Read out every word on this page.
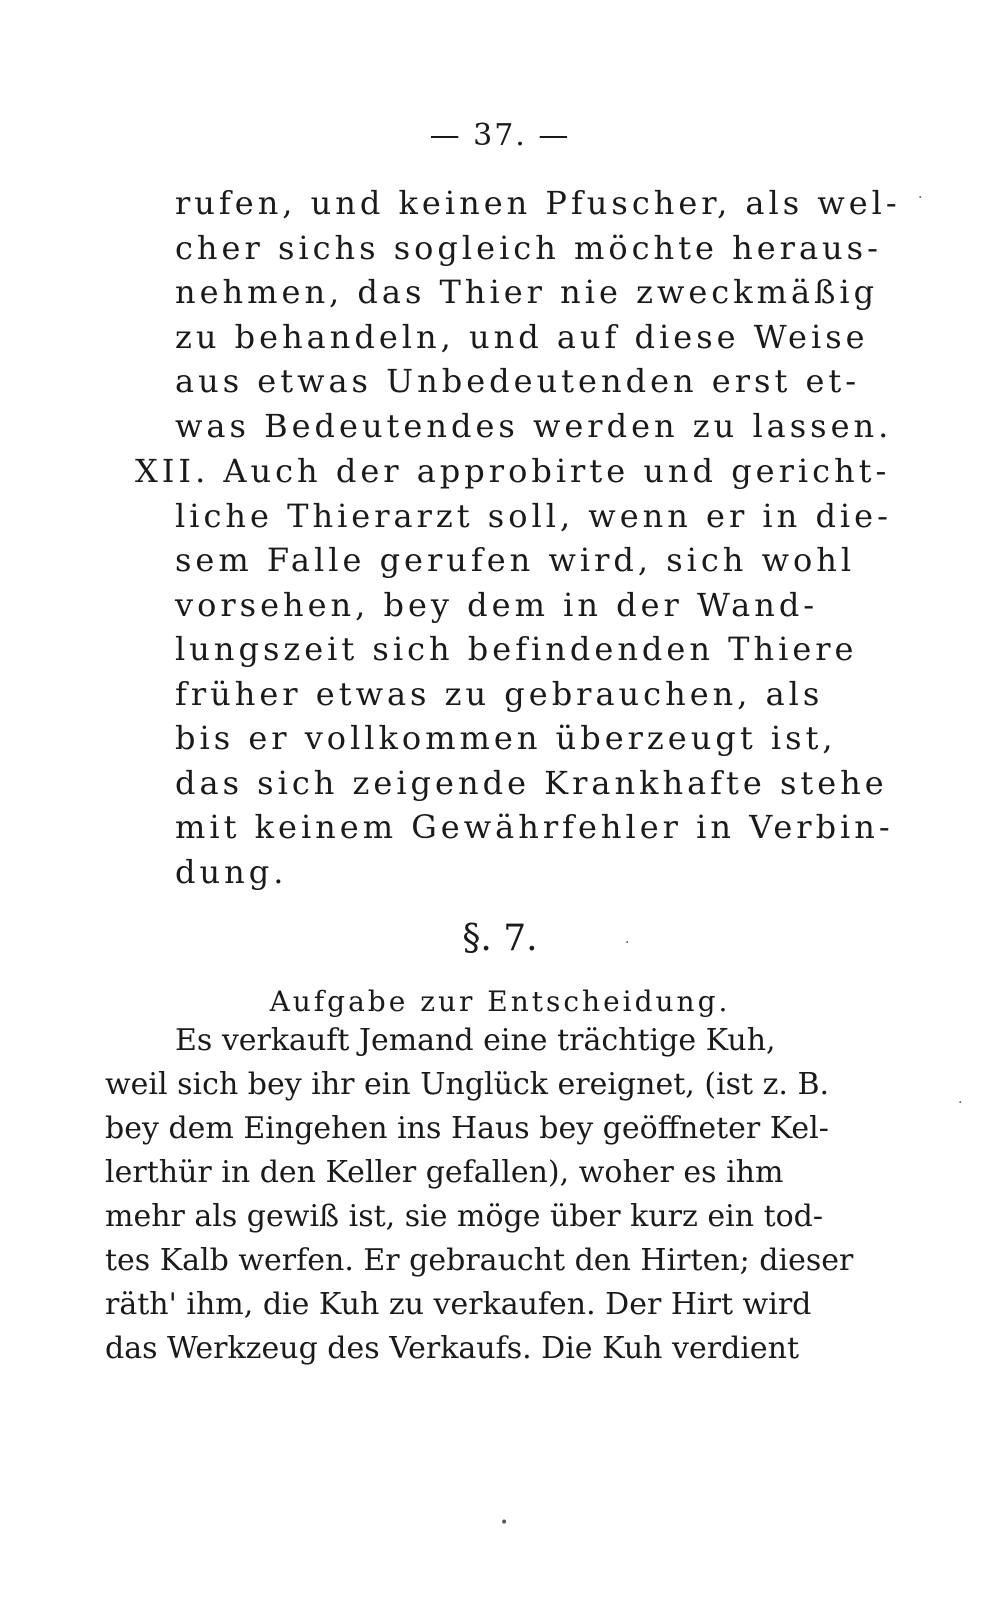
— 37. —
rufen, und keinen Pfuscher, als wel-
cher sichs sogleich möchte heraus-
nehmen, das Thier nie zweckmäßig
zu behandeln, und auf diese Weise
aus etwas Unbedeutenden erst et-
was Bedeutendes werden zu lassen.
XII. Auch der approbirte und gericht-
liche Thierarzt soll, wenn er in die-
sem Falle gerufen wird, sich wohl
vorsehen, bey dem in der Wand-
lungszeit sich befindenden Thiere
früher etwas zu gebrauchen, als
bis er vollkommen überzeugt ist,
das sich zeigende Krankhafte stehe
mit keinem Gewährfehler in Verbin-
dung.
§. 7.
Aufgabe zur Entscheidung.
Es verkauft Jemand eine trächtige Kuh,
weil sich bey ihr ein Unglück ereignet, (ist z. B.
bey dem Eingehen ins Haus bey geöffneter Kel-
lerthür in den Keller gefallen), woher es ihm
mehr als gewiß ist, sie möge über kurz ein tod-
tes Kalb werfen. Er gebraucht den Hirten; dieser
räth' ihm, die Kuh zu verkaufen. Der Hirt wird
das Werkzeug des Verkaufs. Die Kuh verdient
·
·
•
·
